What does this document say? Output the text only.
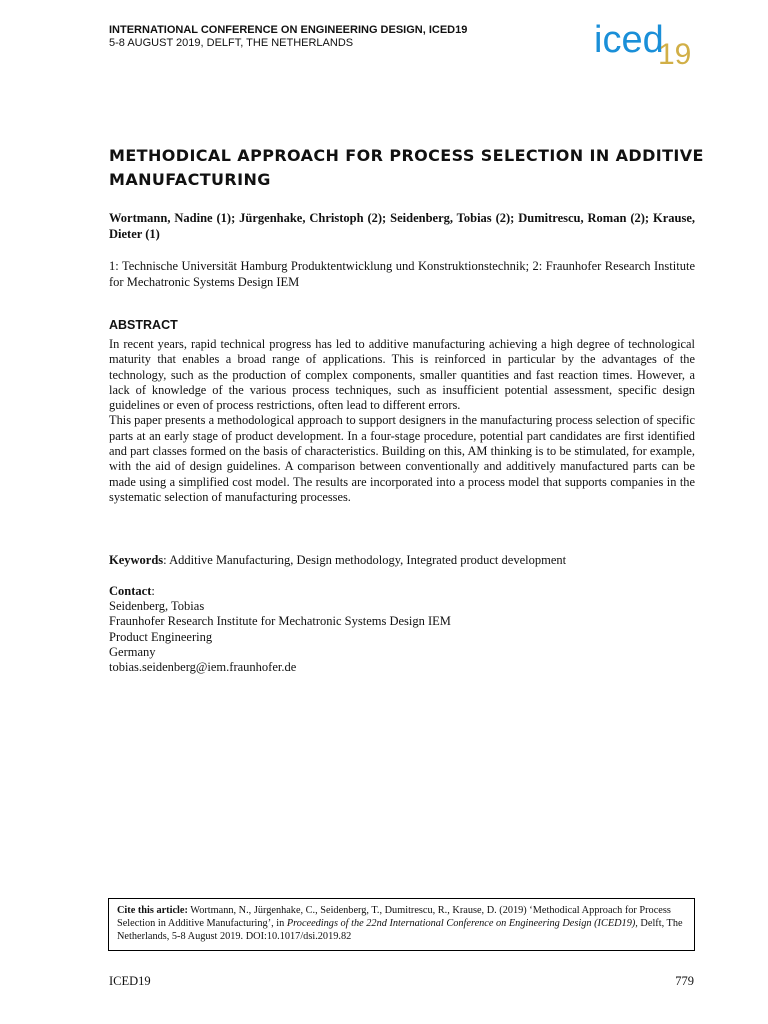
INTERNATIONAL CONFERENCE ON ENGINEERING DESIGN, ICED19
5-8 AUGUST 2019, DELFT, THE NETHERLANDS	iced
19
METHODICAL APPROACH FOR PROCESS SELECTION IN ADDITIVE MANUFACTURING
Wortmann, Nadine (1); Jürgenhake, Christoph (2); Seidenberg, Tobias (2); Dumitrescu, Roman (2); Krause, Dieter (1)
1: Technische Universität Hamburg Produktentwicklung und Konstruktionstechnik; 2: Fraunhofer Research Institute for Mechatronic Systems Design IEM
ABSTRACT

In recent years, rapid technical progress has led to additive manufacturing achieving a high degree of technological maturity that enables a broad range of applications. This is reinforced in particular by the advantages of the technology, such as the production of complex components, smaller quantities and fast reaction times. However, a lack of knowledge of the various process techniques, such as insufficient potential assessment, specific design guidelines or even of process restrictions, often lead to different errors.

This paper presents a methodological approach to support designers in the manufacturing process selection of specific parts at an early stage of product development. In a four-stage procedure, potential part candidates are first identified and part classes formed on the basis of characteristics. Building on this, AM thinking is to be stimulated, for example, with the aid of design guidelines. A comparison between conventionally and additively manufactured parts can be made using a simplified cost model. The results are incorporated into a process model that supports companies in the systematic selection of manufacturing processes.

Keywords: Additive Manufacturing, Design methodology, Integrated product development
Contact:
Seidenberg, Tobias
Fraunhofer Research Institute for Mechatronic Systems Design IEM
Product Engineering
Germany
tobias.seidenberg@iem.fraunhofer.de
Cite this article: Wortmann, N., Jürgenhake, C., Seidenberg, T., Dumitrescu, R., Krause, D. (2019) ‘Methodical Approach for Process Selection in Additive Manufacturing’, in Proceedings of the 22nd International Conference on Engineering Design (ICED19), Delft, The Netherlands, 5-8 August 2019. DOI:10.1017/dsi.2019.82
ICED19	779
